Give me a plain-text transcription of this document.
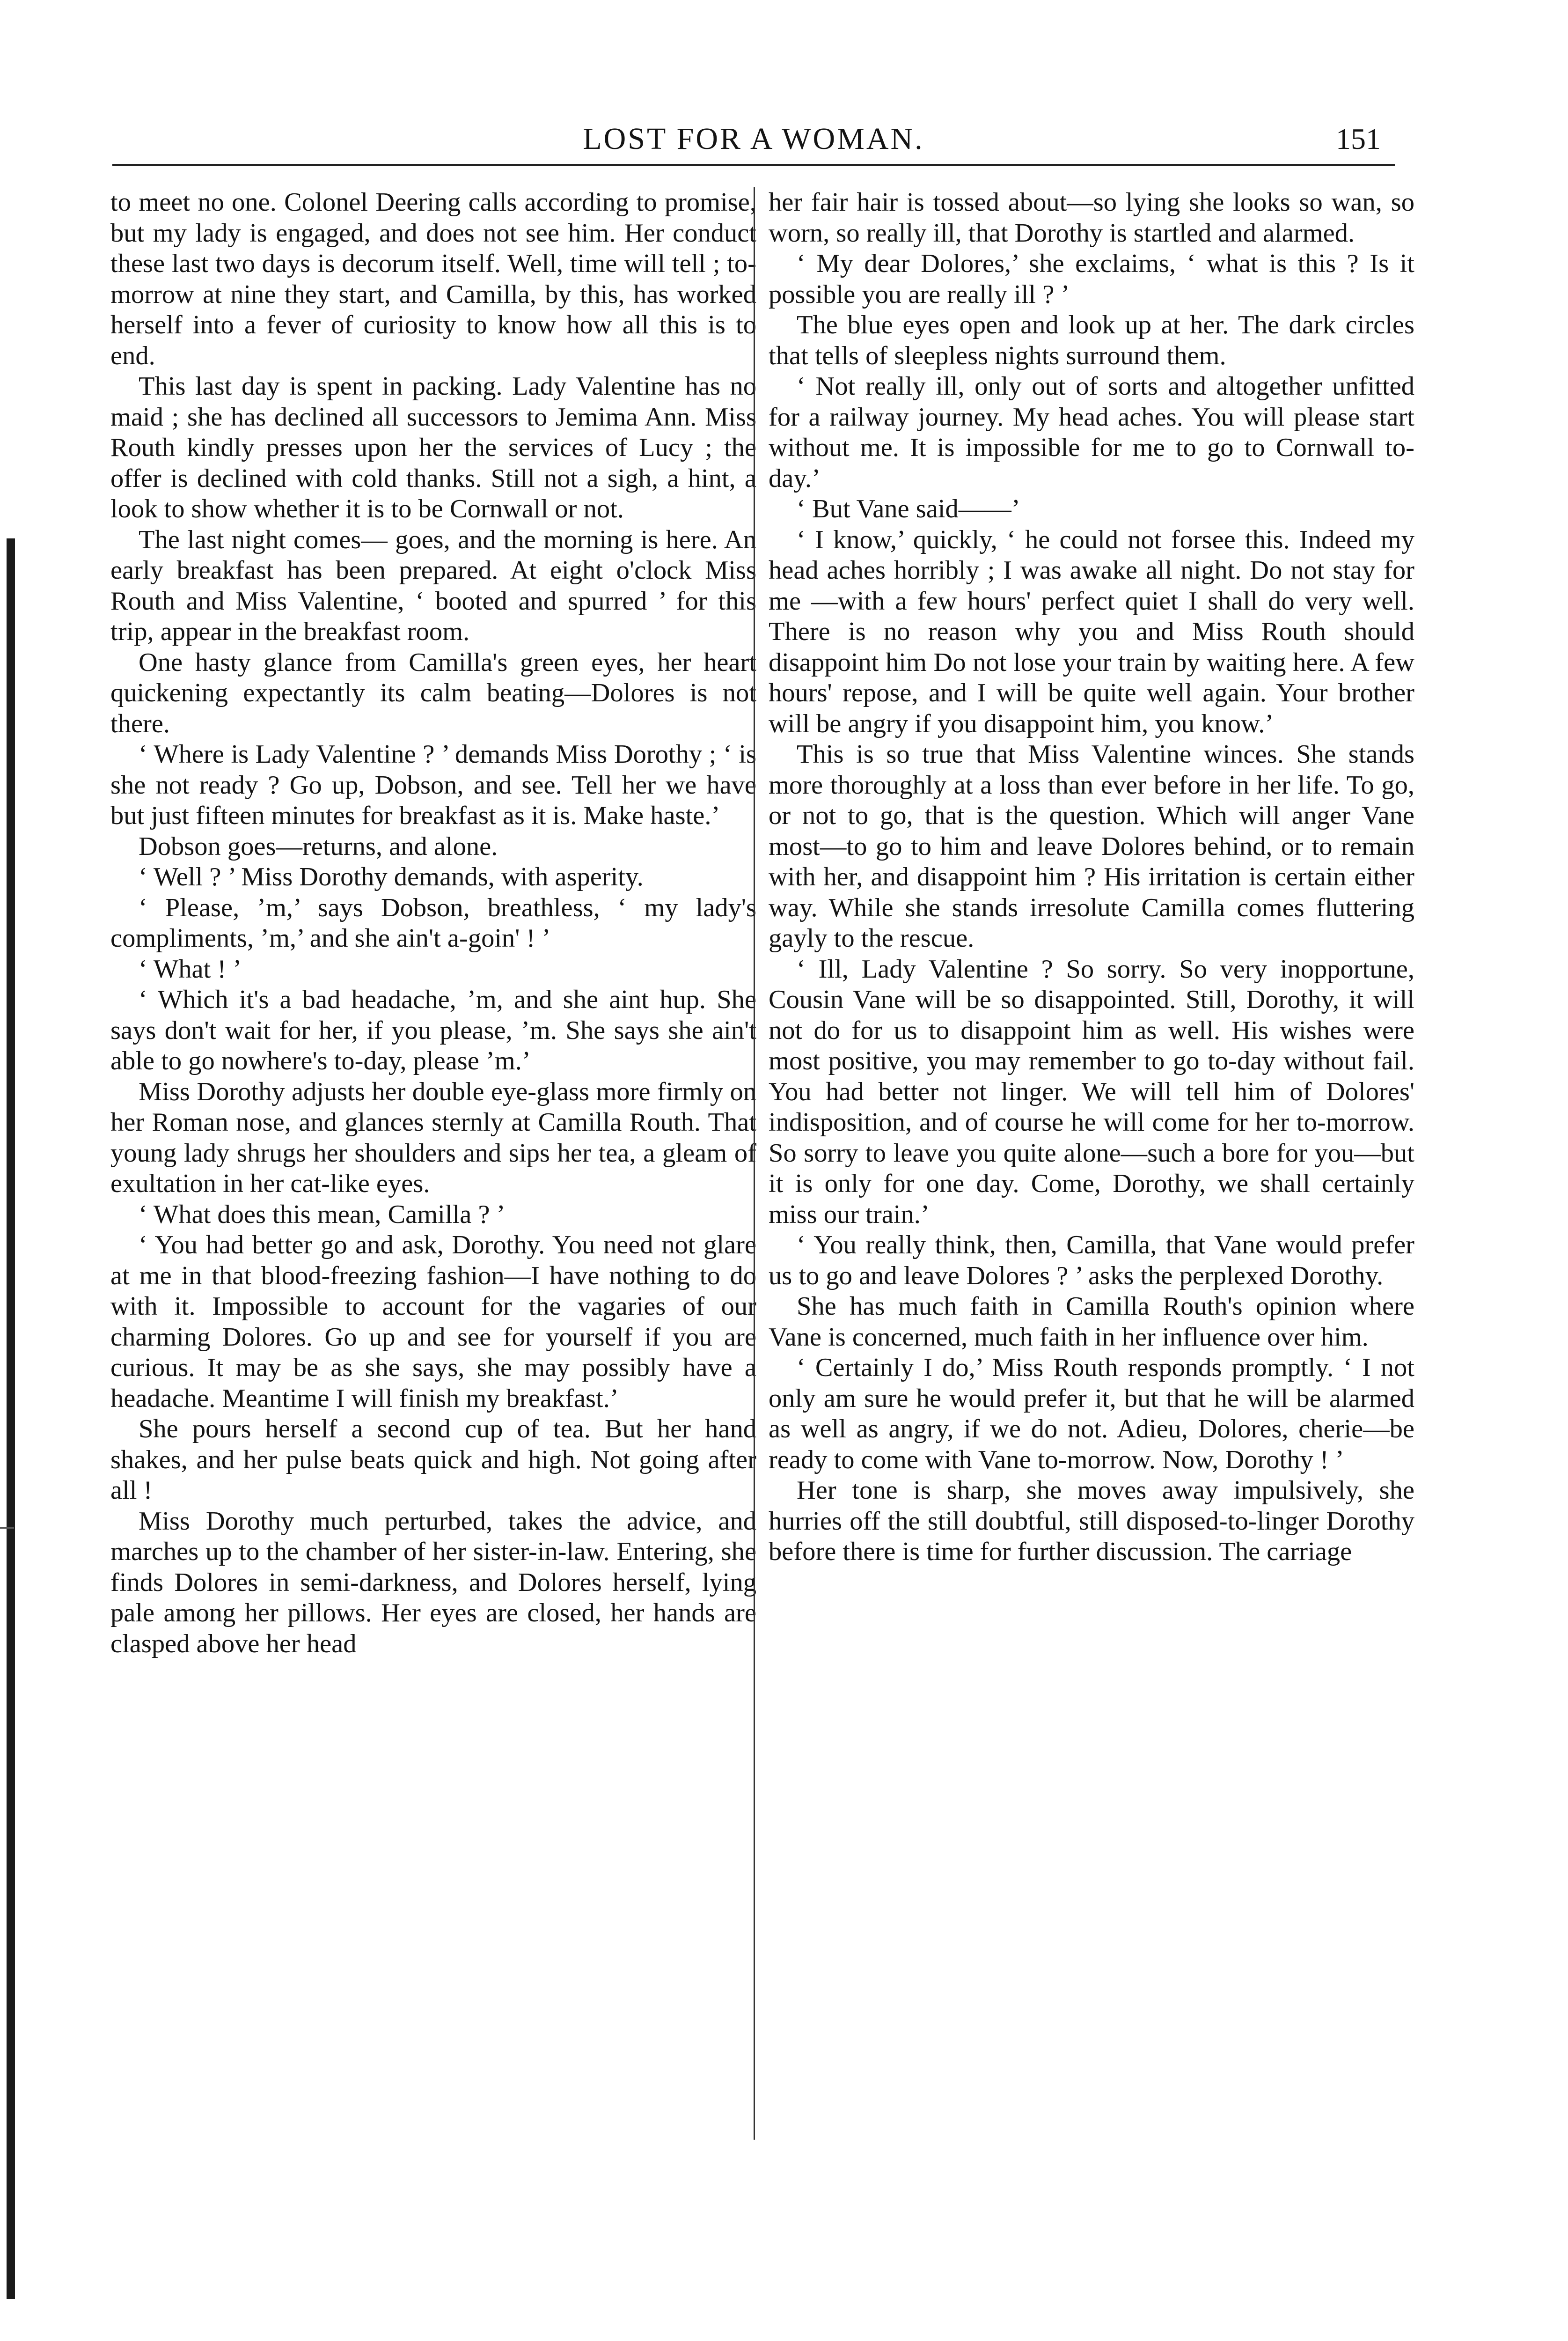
LOST FOR A WOMAN.	151

to meet no one. Colonel Deering calls according to promise, but my lady is engaged, and does not see him. Her conduct these last two days is decorum itself. Well, time will tell ; to-morrow at nine they start, and Camilla, by this, has worked herself into a fever of curiosity to know how all this is to end.

This last day is spent in packing. Lady Valentine has no maid ; she has declined all successors to Jemima Ann. Miss Routh kindly presses upon her the services of Lucy ; the offer is declined with cold thanks. Still not a sigh, a hint, a look to show whether it is to be Cornwall or not.

The last night comes— goes, and the morning is here. An early breakfast has been prepared. At eight o'clock Miss Routh and Miss Valentine, ‘ booted and spurred ’ for this trip, appear in the breakfast room.

One hasty glance from Camilla's green eyes, her heart quickening expectantly its calm beating—Dolores is not there.

‘ Where is Lady Valentine ? ’ demands Miss Dorothy ; ‘ is she not ready ? Go up, Dobson, and see. Tell her we have but just fifteen minutes for breakfast as it is. Make haste.’

Dobson goes—returns, and alone.

‘ Well ? ’ Miss Dorothy demands, with asperity.

‘ Please, ’m,’ says Dobson, breathless, ‘ my lady's compliments, ’m,’ and she ain't a-goin' ! ’

‘ What ! ’

‘ Which it's a bad headache, ’m, and she aint hup. She says don't wait for her, if you please, ’m. She says she ain't able to go nowhere's to-day, please ’m.’

Miss Dorothy adjusts her double eye-glass more firmly on her Roman nose, and glances sternly at Camilla Routh. That young lady shrugs her shoulders and sips her tea, a gleam of exultation in her cat-like eyes.

‘ What does this mean, Camilla ? ’

‘ You had better go and ask, Dorothy. You need not glare at me in that blood-freezing fashion—I have nothing to do with it. Impossible to account for the vagaries of our charming Dolores. Go up and see for yourself if you are curious. It may be as she says, she may possibly have a headache. Meantime I will finish my breakfast.’

She pours herself a second cup of tea. But her hand shakes, and her pulse beats quick and high. Not going after all !

Miss Dorothy much perturbed, takes the advice, and marches up to the chamber of her sister-in-law. Entering, she finds Dolores in semi-darkness, and Dolores herself, lying pale among her pillows. Her eyes are closed, her hands are clasped above her head

her fair hair is tossed about—so lying she looks so wan, so worn, so really ill, that Dorothy is startled and alarmed.

‘ My dear Dolores,’ she exclaims, ‘ what is this ? Is it possible you are really ill ? ’

The blue eyes open and look up at her. The dark circles that tells of sleepless nights surround them.

‘ Not really ill, only out of sorts and altogether unfitted for a railway journey. My head aches. You will please start without me. It is impossible for me to go to Cornwall to-day.’

‘ But Vane said——’

‘ I know,’ quickly, ‘ he could not forsee this. Indeed my head aches horribly ; I was awake all night. Do not stay for me —with a few hours' perfect quiet I shall do very well. There is no reason why you and Miss Routh should disappoint him Do not lose your train by waiting here. A few hours' repose, and I will be quite well again. Your brother will be angry if you disappoint him, you know.’

This is so true that Miss Valentine winces. She stands more thoroughly at a loss than ever before in her life. To go, or not to go, that is the question. Which will anger Vane most—to go to him and leave Dolores behind, or to remain with her, and disappoint him ? His irritation is certain either way. While she stands irresolute Camilla comes fluttering gayly to the rescue.

‘ Ill, Lady Valentine ? So sorry. So very inopportune, Cousin Vane will be so disappointed. Still, Dorothy, it will not do for us to disappoint him as well. His wishes were most positive, you may remember to go to-day without fail. You had better not linger. We will tell him of Dolores' indisposition, and of course he will come for her to-morrow. So sorry to leave you quite alone—such a bore for you—but it is only for one day. Come, Dorothy, we shall certainly miss our train.’

‘ You really think, then, Camilla, that Vane would prefer us to go and leave Dolores ? ’ asks the perplexed Dorothy.

She has much faith in Camilla Routh's opinion where Vane is concerned, much faith in her influence over him.

‘ Certainly I do,’ Miss Routh responds promptly. ‘ I not only am sure he would prefer it, but that he will be alarmed as well as angry, if we do not. Adieu, Dolores, cherie—be ready to come with Vane to-morrow. Now, Dorothy ! ’

Her tone is sharp, she moves away impulsively, she hurries off the still doubtful, still disposed-to-linger Dorothy before there is time for further discussion. The carriage
